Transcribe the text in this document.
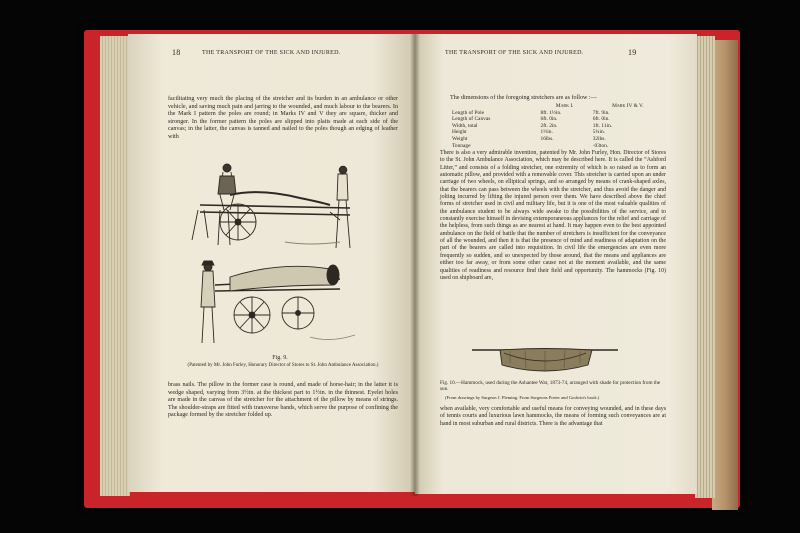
THE TRANSPORT OF THE SICK AND INJURED.
18

facilitating very much the placing of the stretcher and its burden in an ambulance or other vehicle, and saving much pain and jarring to the wounded, and much labour to the bearers. In the Mark I pattern the poles are round; in Marks IV and V they are square, thicker and stronger. In the former pattern the poles are slipped into plaits made at each side of the canvas; in the latter, the canvas is tanned and nailed to the poles though an edging of leather with

Fig. 9.
(Patented by Mr. John Furley, Honorary Director of Stores to St. John Ambulance Association.)

brass nails. The pillow in the former case is round, and made of horse-hair; in the latter it is wedge shaped, varying from 3½in. at the thickest part to 1½in. in the thinnest. Eyelet holes are made in the canvas of the stretcher for the attachment of the pillow by means of strings. The shoulder-straps are fitted with transverse bands, which serve the purpose of confining the package formed by the stretcher folded up.

THE TRANSPORT OF THE SICK AND INJURED.	19
The dimensions of the foregoing stretchers are as follow :—
	Mark I.	Mark IV & V.
Length of Pole	8ft. 1½in.	7ft. 9in.
Length of Canvas	6ft. 0in.	6ft. 0in.
Width, total	2ft. 2in.	1ft. 11in.
Height	1½in.	5¼in.
Weight	16lbs.	32lbs.
Tonnage		·03ton.

There is also a very admirable invention, patented by Mr. John Furley, Hon. Director of Stores to the St. John Ambulance Association, which may be described here. It is called the “Ashford Litter,” and consists of a folding stretcher, one extremity of which is so raised as to form an automatic pillow, and provided with a removable cover. This stretcher is carried upon an under carriage of two wheels, on elliptical springs, and so arranged by means of crank-shaped axles, that the bearers can pass between the wheels with the stretcher, and thus avoid the danger and jolting incurred by lifting the injured person over them. We have described above the chief forms of stretcher used in civil and military life, but it is one of the most valuable qualities of the ambulance student to be always wide awake to the possibilities of the service, and to constantly exercise himself in devising extemporaneous appliances for the relief and carriage of the helpless, from such things as are nearest at hand. It may happen even to the best appointed ambulance on the field of battle that the number of stretchers is insufficient for the conveyance of all the wounded, and then it is that the presence of mind and readiness of adaptation on the part of the bearers are called into requisition. In civil life the emergencies are even more frequently so sudden, and so unexpected by those around, that the means and appliances are either too far away, or from some other cause not at the moment available, and the same qualities of readiness and resource find their field and opportunity. The hammocks (Fig. 10) used on shipboard are,

Fig. 10.—Hammock, used during the Ashantee War, 1873-74, arranged with shade for protection from the sun.
(From drawings by Surgeon J. Fleming. From Surgeons Porter and Godwin's book.)

when available, very comfortable and useful means for conveying wounded, and in these days of tennis courts and luxurious lawn hammocks, the means of forming such conveyances are at hand in most suburban and rural districts. There is the advantage that
